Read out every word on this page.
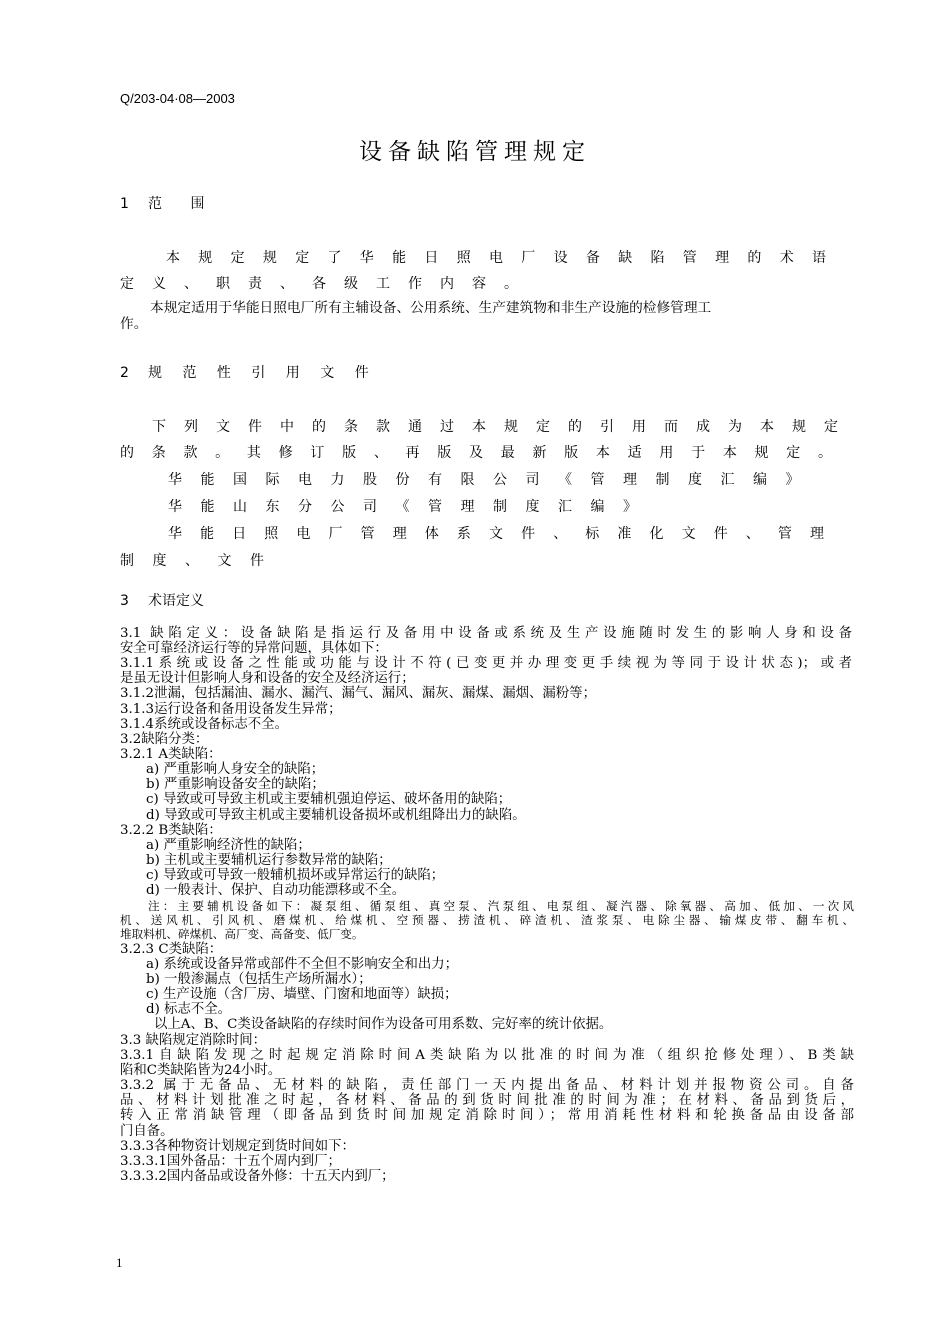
Q/203-04·08—2003
设备缺陷管理规定
1 范 围
本规定规定了华能日照电厂设备缺陷管理的术语
定义、职责、各级工作内容。
本规定适用于华能日照电厂所有主辅设备、公用系统、生产建筑物和非生产设施的检修管理工
作。
2 规 范 性 引 用 文 件
下列文件中的条款通过本规定的引用而成为本规定
的条款。其修订版、再版及最新版本适用于本规定。
华能国际电力股份有限公司《管理制度汇编》
华能山东分公司《管理制度汇编》
华能日照电厂管理体系文件、标准化文件、管理
制度、文件
3 术语定义
3.1 缺陷定义：设备缺陷是指运行及备用中设备或系统及生产设施随时发生的影响人身和设备
安全可靠经济运行等的异常问题，具体如下：
3.1.1系统或设备之性能或功能与设计不符(已变更并办理变更手续视为等同于设计状态)；或者
是虽无设计但影响人身和设备的安全及经济运行；
3.1.2泄漏，包括漏油、漏水、漏汽、漏气、漏风、漏灰、漏煤、漏烟、漏粉等；
3.1.3运行设备和备用设备发生异常；
3.1.4系统或设备标志不全。
3.2缺陷分类：
3.2.1 A类缺陷：
a) 严重影响人身安全的缺陷；
b) 严重影响设备安全的缺陷；
c) 导致或可导致主机或主要辅机强迫停运、破坏备用的缺陷；
d) 导致或可导致主机或主要辅机设备损坏或机组降出力的缺陷。
3.2.2 B类缺陷：
a) 严重影响经济性的缺陷；
b) 主机或主要辅机运行参数异常的缺陷；
c) 导致或可导致一般辅机损坏或异常运行的缺陷；
d) 一般表计、保护、自动功能漂移或不全。
注：主要辅机设备如下：凝泵组、循泵组、真空泵、汽泵组、电泵组、凝汽器、除氧器、高加、低加、一次风
机、送风机、引风机、磨煤机、给煤机、空预器、捞渣机、碎渣机、渣浆泵、电除尘器、输煤皮带、翻车机、
堆取料机、碎煤机、高厂变、高备变、低厂变。
3.2.3 C类缺陷：
a) 系统或设备异常或部件不全但不影响安全和出力；
b) 一般渗漏点（包括生产场所漏水）；
c) 生产设施（含厂房、墙壁、门窗和地面等）缺损；
d) 标志不全。
以上A、B、C类设备缺陷的存续时间作为设备可用系数、完好率的统计依据。
3.3 缺陷规定消除时间：
3.3.1自缺陷发现之时起规定消除时间A类缺陷为以批准的时间为准（组织抢修处理）、B类缺
陷和C类缺陷皆为24小时。
3.3.2 属于无备品、无材料的缺陷，责任部门一天内提出备品、材料计划并报物资公司。自备
品、材料计划批准之时起，各材料、备品的到货时间批准的时间为准；在材料、备品到货后，
转入正常消缺管理（即备品到货时间加规定消除时间）；常用消耗性材料和轮换备品由设备部
门自备。
3.3.3各种物资计划规定到货时间如下：
3.3.3.1国外备品：十五个周内到厂；
3.3.3.2国内备品或设备外修：十五天内到厂；
1
